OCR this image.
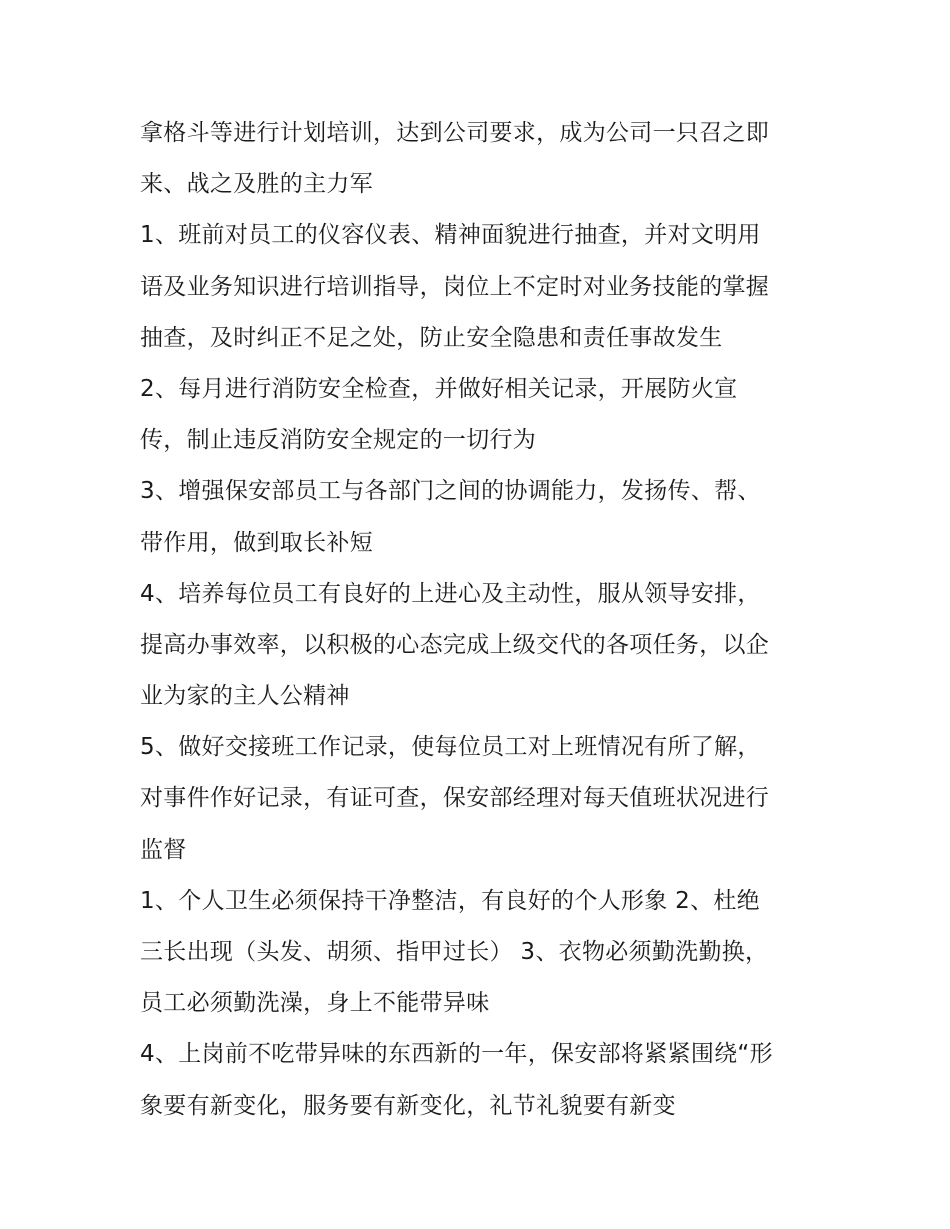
拿格斗等进行计划培训，达到公司要求，成为公司一只召之即
来、战之及胜的主力军
1、班前对员工的仪容仪表、精神面貌进行抽查，并对文明用
语及业务知识进行培训指导，岗位上不定时对业务技能的掌握
抽查，及时纠正不足之处，防止安全隐患和责任事故发生
2、每月进行消防安全检查，并做好相关记录，开展防火宣
传，制止违反消防安全规定的一切行为
3、增强保安部员工与各部门之间的协调能力，发扬传、帮、
带作用，做到取长补短
4、培养每位员工有良好的上进心及主动性，服从领导安排，
提高办事效率，以积极的心态完成上级交代的各项任务，以企
业为家的主人公精神
5、做好交接班工作记录，使每位员工对上班情况有所了解，
对事件作好记录，有证可查，保安部经理对每天值班状况进行
监督
1、个人卫生必须保持干净整洁，有良好的个人形象 2、杜绝
三长出现（头发、胡须、指甲过长） 3、衣物必须勤洗勤换，
员工必须勤洗澡，身上不能带异味
4、上岗前不吃带异味的东西新的一年，保安部将紧紧围绕“形
象要有新变化，服务要有新变化，礼节礼貌要有新变
